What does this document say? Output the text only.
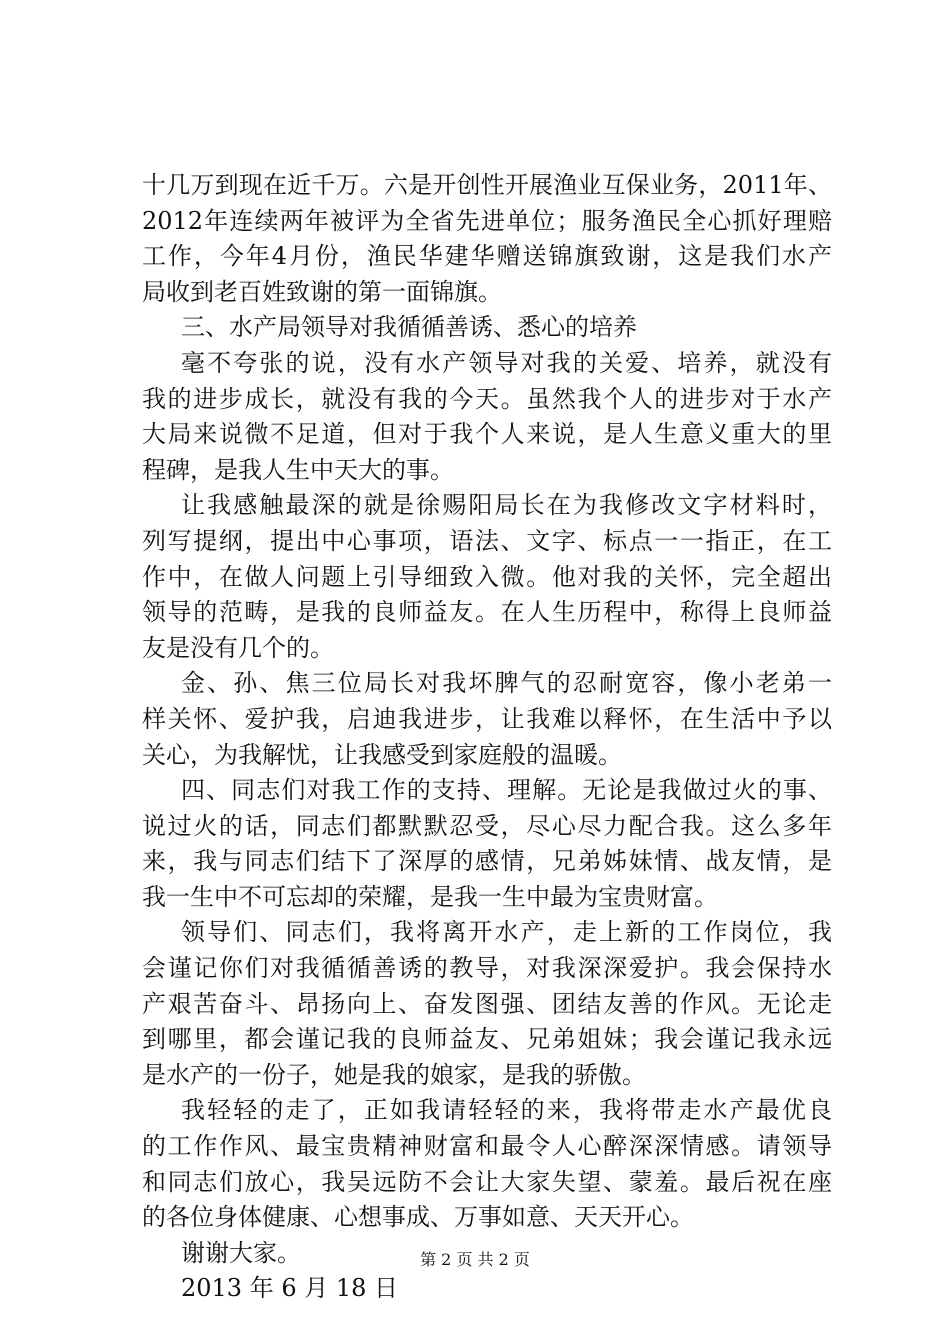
十几万到现在近千万。六是开创性开展渔业互保业务，2011年、
2012年连续两年被评为全省先进单位；服务渔民全心抓好理赔
工作，今年4月份，渔民华建华赠送锦旗致谢，这是我们水产
局收到老百姓致谢的第一面锦旗。
三、水产局领导对我循循善诱、悉心的培养
毫不夸张的说，没有水产领导对我的关爱、培养，就没有
我的进步成长，就没有我的今天。虽然我个人的进步对于水产
大局来说微不足道，但对于我个人来说，是人生意义重大的里
程碑，是我人生中天大的事。
让我感触最深的就是徐赐阳局长在为我修改文字材料时，
列写提纲，提出中心事项，语法、文字、标点一一指正，在工
作中，在做人问题上引导细致入微。他对我的关怀，完全超出
领导的范畴，是我的良师益友。在人生历程中，称得上良师益
友是没有几个的。
金、孙、焦三位局长对我坏脾气的忍耐宽容，像小老弟一
样关怀、爱护我，启迪我进步，让我难以释怀，在生活中予以
关心，为我解忧，让我感受到家庭般的温暖。
四、同志们对我工作的支持、理解。无论是我做过火的事、
说过火的话，同志们都默默忍受，尽心尽力配合我。这么多年
来，我与同志们结下了深厚的感情，兄弟姊妹情、战友情，是
我一生中不可忘却的荣耀，是我一生中最为宝贵财富。
领导们、同志们，我将离开水产，走上新的工作岗位，我
会谨记你们对我循循善诱的教导，对我深深爱护。我会保持水
产艰苦奋斗、昂扬向上、奋发图强、团结友善的作风。无论走
到哪里，都会谨记我的良师益友、兄弟姐妹；我会谨记我永远
是水产的一份子，她是我的娘家，是我的骄傲。
我轻轻的走了，正如我请轻轻的来，我将带走水产最优良
的工作作风、最宝贵精神财富和最令人心醉深深情感。请领导
和同志们放心，我吴远防不会让大家失望、蒙羞。最后祝在座
的各位身体健康、心想事成、万事如意、天天开心。
谢谢大家。
2013 年 6 月 18 日
第 2 页 共 2 页
